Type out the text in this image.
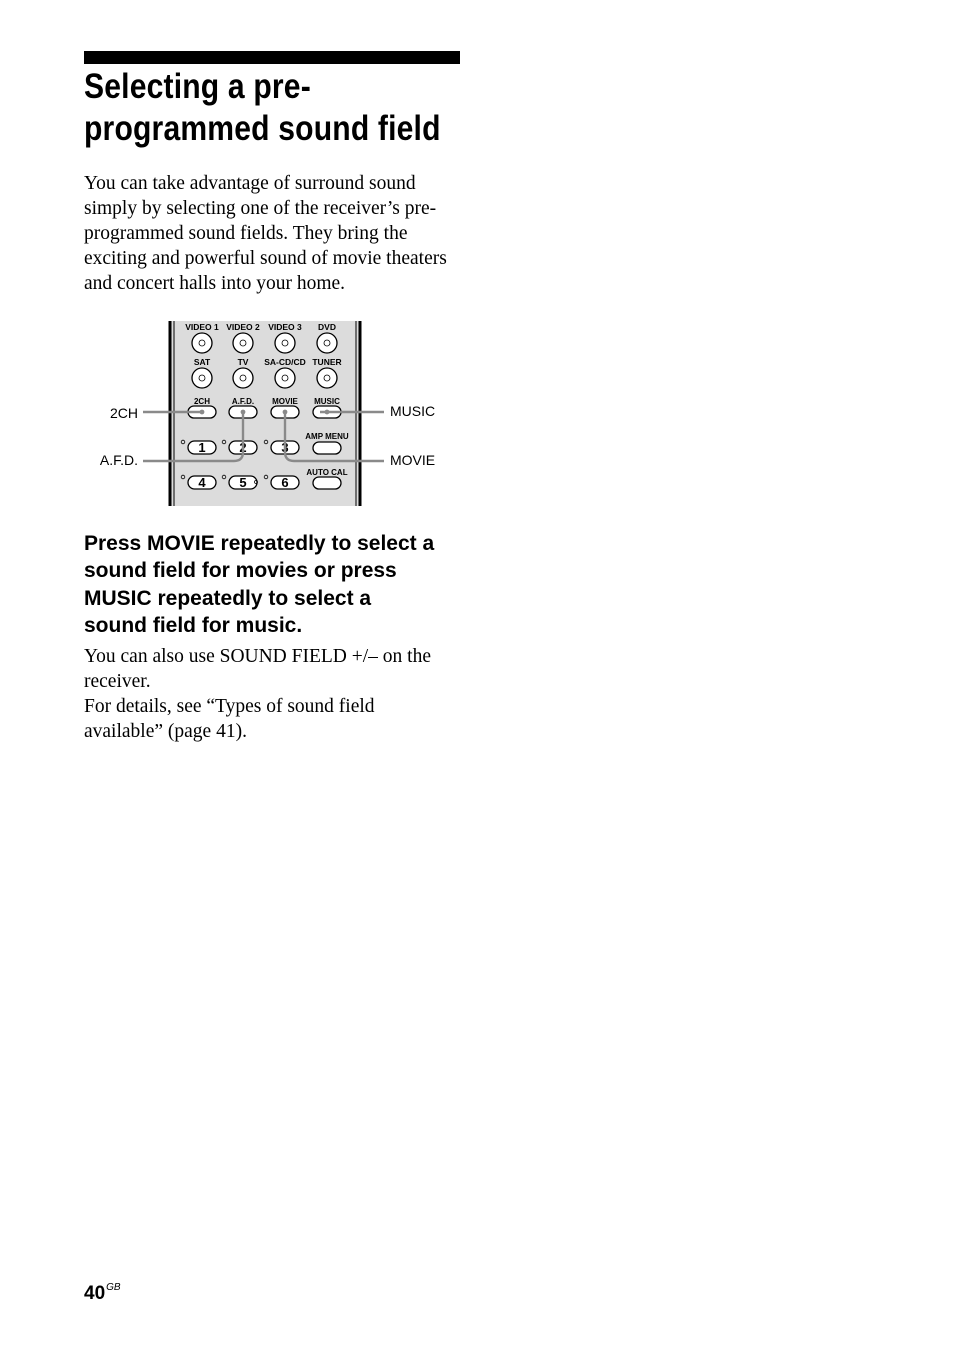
Selecting a pre-
programmed sound field

You can take advantage of surround sound
simply by selecting one of the receiver’s pre-
programmed sound fields. They bring the
exciting and powerful sound of movie theaters
and concert halls into your home.

VIDEO 1 VIDEO 2 VIDEO 3 DVD
SAT	TV SA-CD/CD TUNER
2CH	A.F.D. MOVIE MUSIC
AMP MENU
AUTO CAL
1	2	3
4	5	6
2CH
A.F.D.
MUSIC
MOVIE

Press MOVIE repeatedly to select a
sound field for movies or press
MUSIC repeatedly to select a
sound field for music.

You can also use SOUND FIELD +/– on the
receiver.
For details, see “Types of sound field
available” (page 41).

$40^{GB}$
